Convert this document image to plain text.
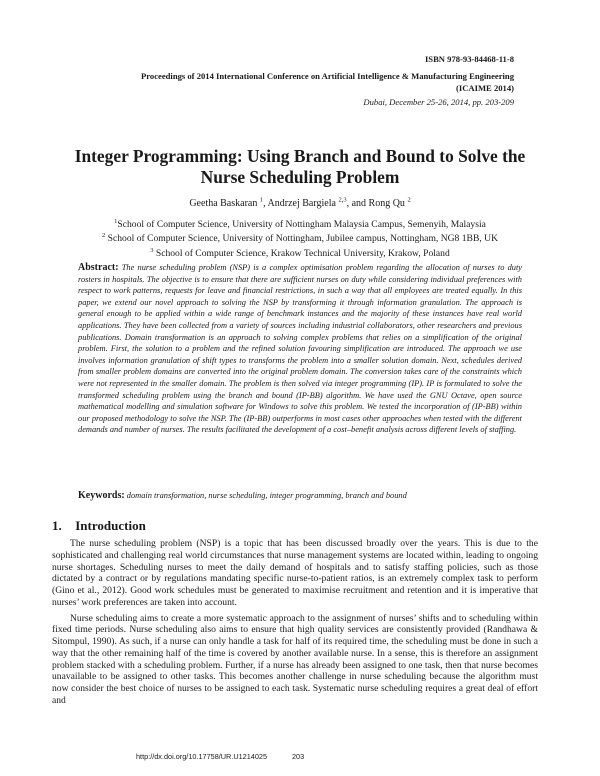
ISBN 978-93-84468-11-8
Proceedings of 2014 International Conference on Artificial Intelligence & Manufacturing Engineering
(ICAIME 2014)
Dubai, December 25-26, 2014, pp. 203-209
Integer Programming: Using Branch and Bound to Solve the
Nurse Scheduling Problem
Geetha Baskaran $^1$, Andrzej Bargiela $^{2,3}$, and Rong Qu $^2$
$^1$School of Computer Science, University of Nottingham Malaysia Campus, Semenyih, Malaysia
$^2$ School of Computer Science, University of Nottingham, Jubilee campus, Nottingham, NG8 1BB, UK
Abstract: The nurse scheduling problem (NSP) is a complex optimisation problem regarding the allocation of nurses to duty rosters in hospitals. The objective is to ensure that there are sufficient nurses on duty while considering individual preferences with respect to work patterns, requests for leave and financial restrictions, in such a way that all employees are treated equally. In this paper, we extend our novel approach to solving the NSP by transforming it through information granulation. The approach is general enough to be applied within a wide range of benchmark instances and the majority of these instances have real world applications. They have been collected from a variety of sources including industrial collaborators, other researchers and previous publications. Domain transformation is an approach to solving complex problems that relies on a simplification of the original problem. First, the solution to a problem and the refined solution favouring simplification are introduced. The approach we use involves information granulation of shift types to transforms the problem into a smaller solution domain. Next, schedules derived from smaller problem domains are converted into the original problem domain. The conversion takes care of the constraints which were not represented in the smaller domain. The problem is then solved via integer programming (IP). IP is formulated to solve the transformed scheduling problem using the branch and bound (IP-BB) algorithm. We have used the GNU Octave, open source mathematical modelling and simulation software for Windows to solve this problem. We tested the incorporation of (IP-BB) within our proposed methodology to solve the NSP. The (IP-BB) outperforms in most cases other approaches when tested with the different demands and number of nurses. The results facilitated the development of a cost–benefit analysis across different levels of staffing.
Keywords: domain transformation, nurse scheduling, integer programming, branch and bound
1. Introduction

The nurse scheduling problem (NSP) is a topic that has been discussed broadly over the years. This is due to the sophisticated and challenging real world circumstances that nurse management systems are located within, leading to ongoing nurse shortages. Scheduling nurses to meet the daily demand of hospitals and to satisfy staffing policies, such as those dictated by a contract or by regulations mandating specific nurse-to-patient ratios, is an extremely complex task to perform (Gino et al., 2012). Good work schedules must be generated to maximise recruitment and retention and it is imperative that nurses’ work preferences are taken into account.

Nurse scheduling aims to create a more systematic approach to the assignment of nurses’ shifts and to scheduling within fixed time periods. Nurse scheduling also aims to ensure that high quality services are consistently provided (Randhawa & Sitompul, 1990). As such, if a nurse can only handle a task for half of its required time, the scheduling must be done in such a way that the other remaining half of the time is covered by another available nurse. In a sense, this is therefore an assignment problem stacked with a scheduling problem. Further, if a nurse has already been assigned to one task, then that nurse becomes unavailable to be assigned to other tasks. This becomes another challenge in nurse scheduling because the algorithm must now consider the best choice of nurses to be assigned to each task. Systematic nurse scheduling requires a great deal of effort and

http://dx.doi.org/10.17758/UR.U1214025	203
$^3$ School of Computer Science, Krakow Technical University, Krakow, Poland
